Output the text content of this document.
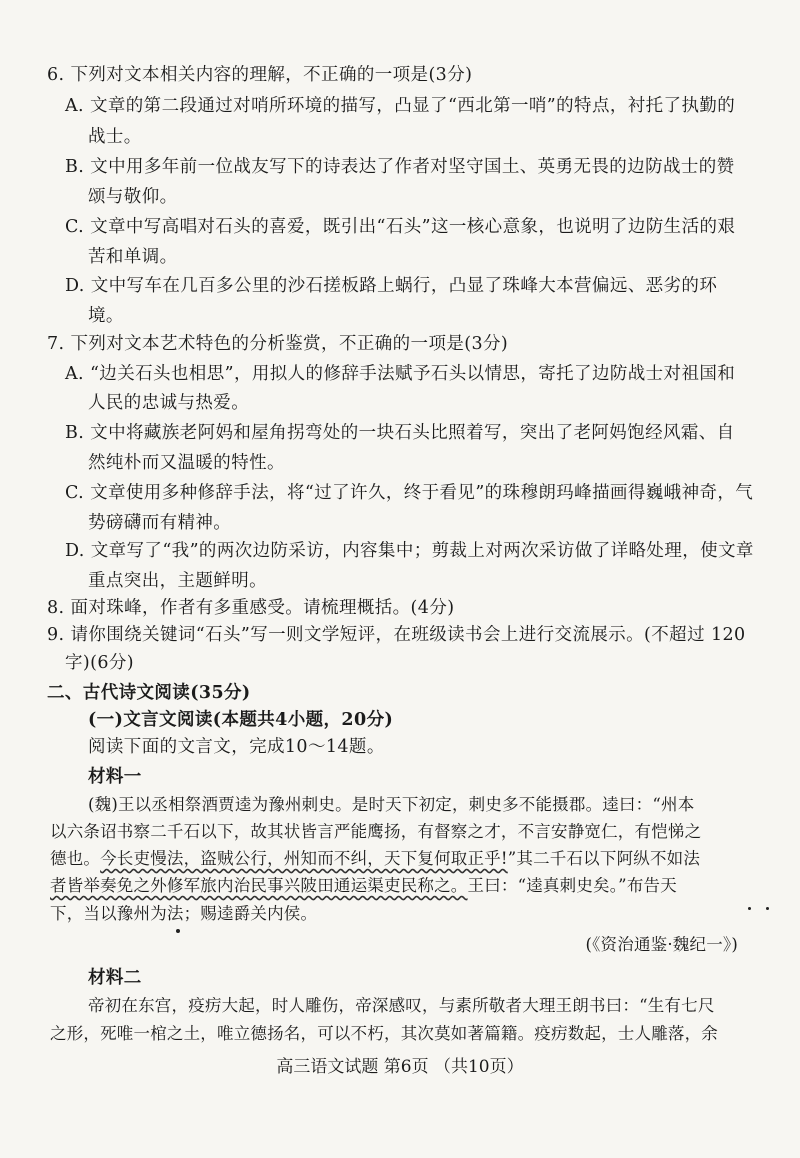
6. 下列对文本相关内容的理解，不正确的一项是(3分)
A. 文章的第二段通过对哨所环境的描写，凸显了“西北第一哨”的特点，衬托了执勤的
战士。
B. 文中用多年前一位战友写下的诗表达了作者对坚守国土、英勇无畏的边防战士的赞
颂与敬仰。
C. 文章中写高唱对石头的喜爱，既引出“石头”这一核心意象，也说明了边防生活的艰
苦和单调。
D. 文中写车在几百多公里的沙石搓板路上蜗行，凸显了珠峰大本营偏远、恶劣的环
境。
7. 下列对文本艺术特色的分析鉴赏，不正确的一项是(3分)
A. “边关石头也相思”，用拟人的修辞手法赋予石头以情思，寄托了边防战士对祖国和
人民的忠诚与热爱。
B. 文中将藏族老阿妈和屋角拐弯处的一块石头比照着写，突出了老阿妈饱经风霜、自
然纯朴而又温暖的特性。
C. 文章使用多种修辞手法，将“过了许久，终于看见”的珠穆朗玛峰描画得巍峨神奇，气
势磅礴而有精神。
D. 文章写了“我”的两次边防采访，内容集中；剪裁上对两次采访做了详略处理，使文章
重点突出，主题鲜明。
8. 面对珠峰，作者有多重感受。请梳理概括。(4分)
9. 请你围绕关键词“石头”写一则文学短评，在班级读书会上进行交流展示。(不超过 120
字)(6分)
二、古代诗文阅读(35分)
(一)文言文阅读(本题共4小题，20分)
阅读下面的文言文，完成10～14题。
材料一
(魏)王以丞相祭酒贾逵为豫州刺史。是时天下初定，刺史多不能摄郡。逵曰：“州本
以六条诏书察二千石以下，故其状皆言严能鹰扬，有督察之才，不言安静宽仁，有恺悌之
德也。今长吏慢法，盗贼公行，州知而不纠，天下复何取正乎!”其二千石以下阿纵不如法
者皆举奏免之外修军旅内治民事兴陂田通运渠吏民称之。王曰：“逵真刺史矣。”布告天
下，当以豫州为法；赐逵爵关内侯。
(《资治通鉴·魏纪一》)
材料二
帝初在东宫，疫疠大起，时人雕伤，帝深感叹，与素所敬者大理王朗书曰：“生有七尺
之形，死唯一棺之土，唯立德扬名，可以不朽，其次莫如著篇籍。疫疠数起，士人雕落，余
高三语文试题 第6页 （共10页）
